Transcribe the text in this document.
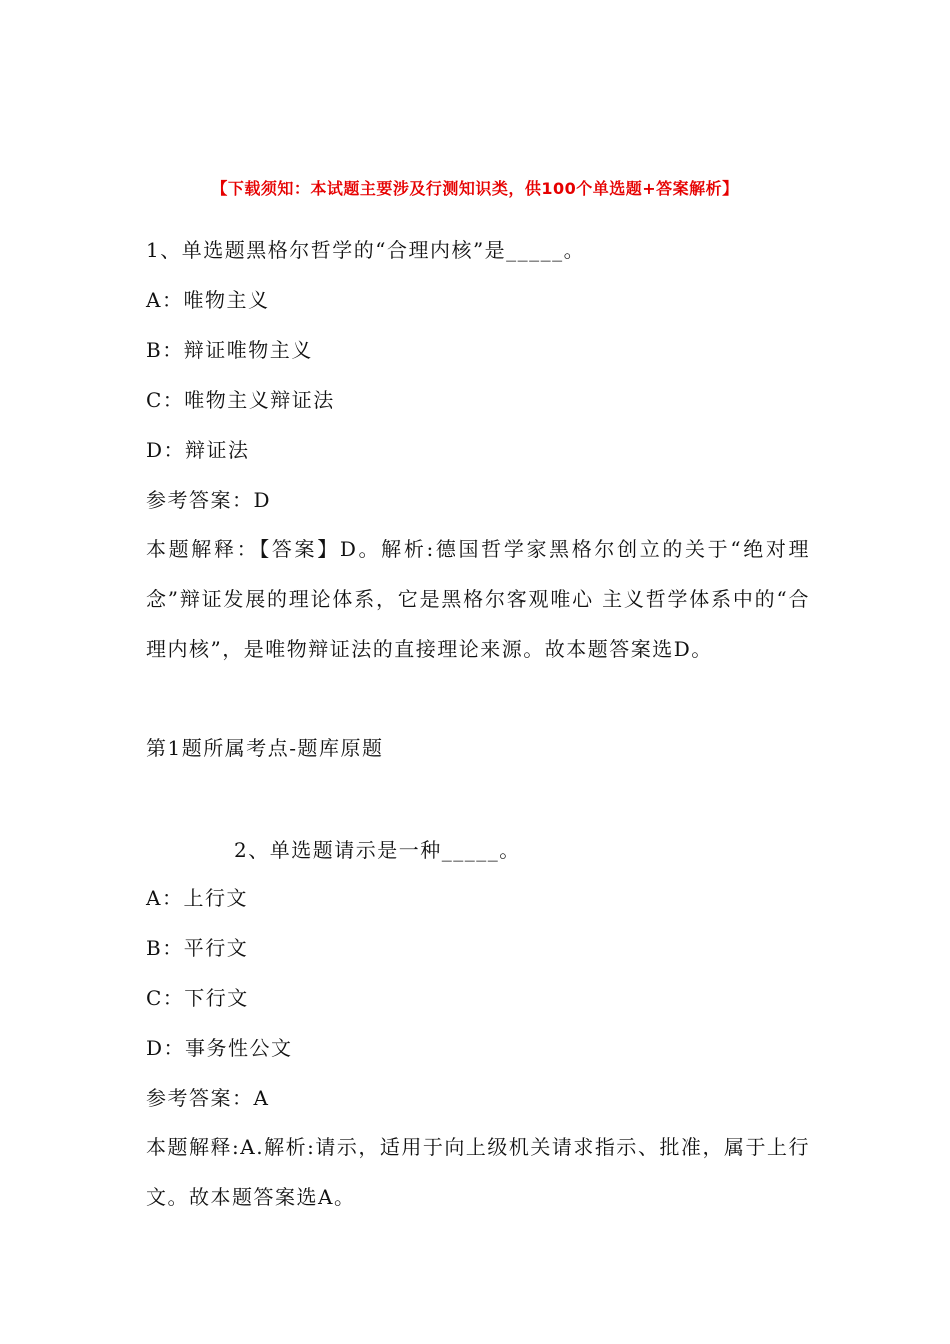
【下载须知：本试题主要涉及行测知识类，供100个单选题+答案解析】
1、单选题黑格尔哲学的“合理内核”是_____。
A：唯物主义
B：辩证唯物主义
C：唯物主义辩证法
D：辩证法
参考答案：D
本题解释：【答案】D。解析:德国哲学家黑格尔创立的关于“绝对理念”辩证发展的理论体系，它是黑格尔客观唯心 主义哲学体系中的“合理内核”，是唯物辩证法的直接理论来源。故本题答案选D。
第1题所属考点-题库原题
2、单选题请示是一种_____。
A：上行文
B：平行文
C：下行文
D：事务性公文
参考答案：A
本题解释:A.解析:请示，适用于向上级机关请求指示、批准，属于上行文。故本题答案选A。
